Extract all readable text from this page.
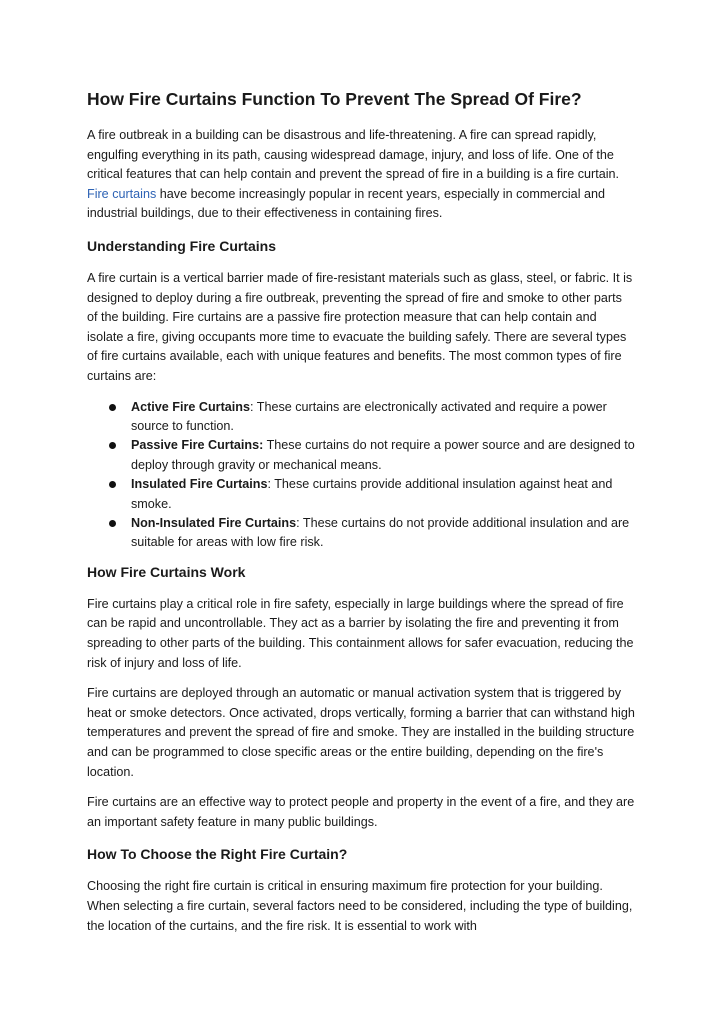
How Fire Curtains Function To Prevent The Spread Of Fire?

A fire outbreak in a building can be disastrous and life-threatening. A fire can spread rapidly, engulfing everything in its path, causing widespread damage, injury, and loss of life. One of the critical features that can help contain and prevent the spread of fire in a building is a fire curtain. Fire curtains have become increasingly popular in recent years, especially in commercial and industrial buildings, due to their effectiveness in containing fires.

Understanding Fire Curtains

A fire curtain is a vertical barrier made of fire-resistant materials such as glass, steel, or fabric. It is designed to deploy during a fire outbreak, preventing the spread of fire and smoke to other parts of the building. Fire curtains are a passive fire protection measure that can help contain and isolate a fire, giving occupants more time to evacuate the building safely. There are several types of fire curtains available, each with unique features and benefits. The most common types of fire curtains are:

Active Fire Curtains: These curtains are electronically activated and require a power source to function.
Passive Fire Curtains: These curtains do not require a power source and are designed to deploy through gravity or mechanical means.
Insulated Fire Curtains: These curtains provide additional insulation against heat and smoke.
Non-Insulated Fire Curtains: These curtains do not provide additional insulation and are suitable for areas with low fire risk.
How Fire Curtains Work

Fire curtains play a critical role in fire safety, especially in large buildings where the spread of fire can be rapid and uncontrollable. They act as a barrier by isolating the fire and preventing it from spreading to other parts of the building. This containment allows for safer evacuation, reducing the risk of injury and loss of life.

Fire curtains are deployed through an automatic or manual activation system that is triggered by heat or smoke detectors. Once activated, drops vertically, forming a barrier that can withstand high temperatures and prevent the spread of fire and smoke. They are installed in the building structure and can be programmed to close specific areas or the entire building, depending on the fire's location.

Fire curtains are an effective way to protect people and property in the event of a fire, and they are an important safety feature in many public buildings.

How To Choose the Right Fire Curtain?

Choosing the right fire curtain is critical in ensuring maximum fire protection for your building. When selecting a fire curtain, several factors need to be considered, including the type of building, the location of the curtains, and the fire risk. It is essential to work with
